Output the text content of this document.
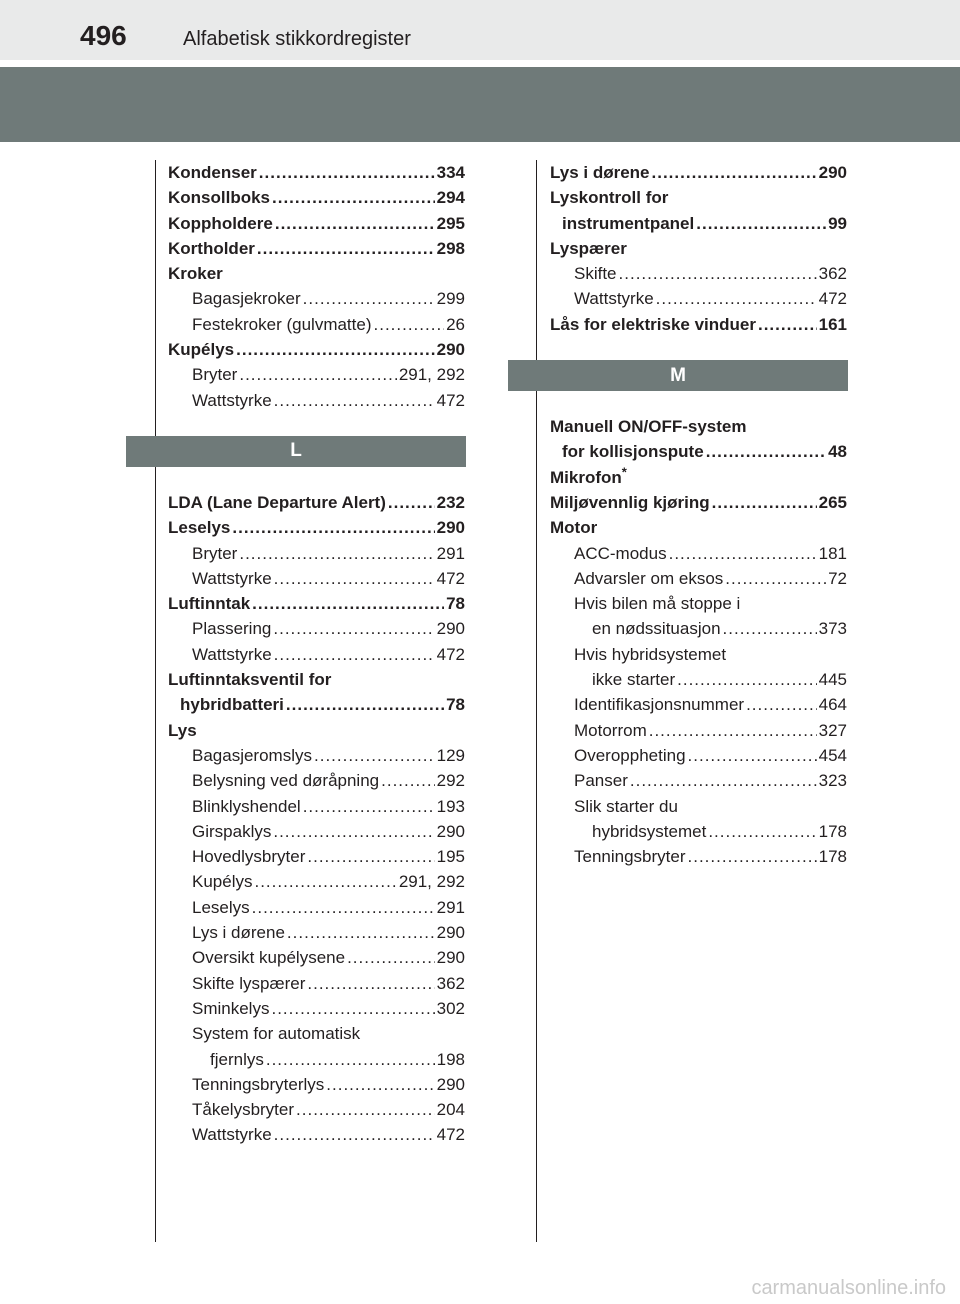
496	Alfabetisk stikkordregister
Kondenser .....	334
Konsollboks .....	294
Koppholdere .....	295
Kortholder .....	298
Kroker
Bagasjekroker .....	299
Festekroker (gulvmatte) .....	26
Kupélys .....	290
Bryter .....	291, 292
Wattstyrke .....	472
L
LDA (Lane Departure Alert) .....	232
Leselys .....	290
Bryter .....	291
Wattstyrke .....	472
Luftinntak .....	78
Plassering .....	290
Wattstyrke .....	472
Luftinntaksventil for
hybridbatteri .....	78
Lys
Bagasjeromslys .....	129
Belysning ved døråpning .....	292
Blinklyshendel .....	193
Girspaklys .....	290
Hovedlysbryter .....	195
Kupélys .....	291, 292
Leselys .....	291
Lys i dørene .....	290
Oversikt kupélysene .....	290
Skifte lyspærer .....	362
Sminkelys .....	302
System for automatisk
fjernlys .....	198
Tenningsbryterlys .....	290
Tåkelysbryter .....	204
Wattstyrke .....	472
Lys i dørene .....	290
Lyskontroll for
instrumentpanel .....	99
Lyspærer
Skifte .....	362
Wattstyrke .....	472
Lås for elektriske vinduer .....	161
M
Manuell ON/OFF-system
for kollisjonspute .....	48
Mikrofon*
Miljøvennlig kjøring .....	265
Motor
ACC-modus .....	181
Advarsler om eksos .....	72
Hvis bilen må stoppe i
en nødssituasjon .....	373
Hvis hybridsystemet
ikke starter .....	445
Identifikasjonsnummer .....	464
Motorrom .....	327
Overoppheting .....	454
Panser .....	323
Slik starter du
hybridsystemet .....	178
Tenningsbryter .....	178
carmanualsonline.info
